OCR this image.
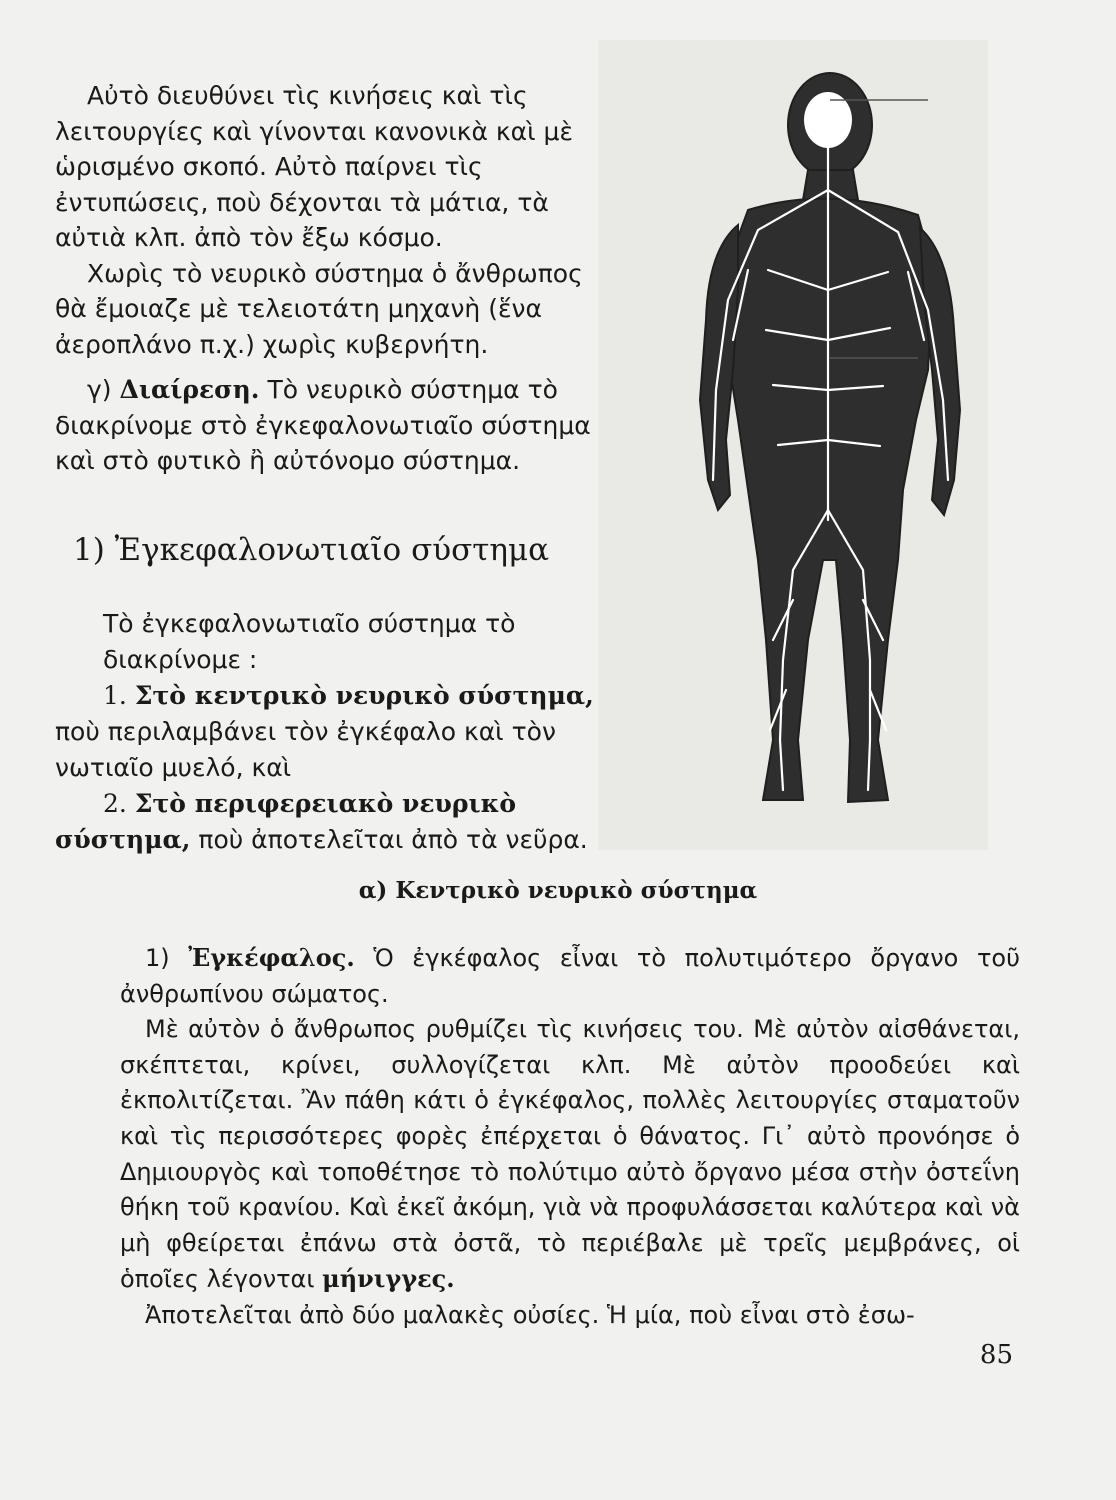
Αὐτὸ διευθύνει τὶς κινήσεις καὶ τὶς λειτουργίες καὶ γίνονται κανονικὰ καὶ μὲ ὡρισμένο σκοπό. Αὐτὸ παίρνει τὶς ἐντυπώσεις, ποὺ δέχονται τὰ μάτια, τὰ αὐτιὰ κλπ. ἀπὸ τὸν ἔξω κόσμο.

Χωρὶς τὸ νευρικὸ σύστημα ὁ ἄνθρωπος θὰ ἔμοιαζε μὲ τελειοτάτη μηχανὴ (ἕνα ἀεροπλάνο π.χ.) χωρὶς κυβερνήτη.

γ) Διαίρεση. Τὸ νευρικὸ σύστημα τὸ διακρίνομε στὸ ἐγκεφαλονωτιαῖο σύστημα καὶ στὸ φυτικὸ ἢ αὐτόνομο σύστημα.

1) Ἐγκεφαλονωτιαῖο σύστημα

Τὸ ἐγκεφαλονωτιαῖο σύστημα τὸ διακρίνομε :

1. Στὸ κεντρικὸ νευρικὸ σύστημα, ποὺ περιλαμβάνει τὸν ἐγκέφαλο καὶ τὸν νωτιαῖο μυελό, καὶ

2. Στὸ περιφερειακὸ νευρικὸ σύστημα, ποὺ ἀποτελεῖται ἀπὸ τὰ νεῦρα.

α) Κεντρικὸ νευρικὸ σύστημα

1) Ἐγκέφαλος. Ὁ ἐγκέφαλος εἶναι τὸ πολυτιμότερο ὄργανο τοῦ ἀνθρωπίνου σώματος.

Μὲ αὐτὸν ὁ ἄνθρωπος ρυθμίζει τὶς κινήσεις του. Μὲ αὐτὸν αἰσθάνεται, σκέπτεται, κρίνει, συλλογίζεται κλπ. Μὲ αὐτὸν προοδεύει καὶ ἐκπολιτίζεται. Ἂν πάθη κάτι ὁ ἐγκέφαλος, πολλὲς λειτουργίες σταματοῦν καὶ τὶς περισσότερες φορὲς ἐπέρχεται ὁ θάνατος. Γι᾿ αὐτὸ προνόησε ὁ Δημιουργὸς καὶ τοποθέτησε τὸ πολύτιμο αὐτὸ ὄργανο μέσα στὴν ὀστεΐνη θήκη τοῦ κρανίου. Καὶ ἐκεῖ ἀκόμη, γιὰ νὰ προφυλάσσεται καλύτερα καὶ νὰ μὴ φθείρεται ἐπάνω στὰ ὀστᾶ, τὸ περιέβαλε μὲ τρεῖς μεμβράνες, οἱ ὁποῖες λέγονται μήνιγγες.

Ἀποτελεῖται ἀπὸ δύο μαλακὲς οὐσίες. Ἡ μία, ποὺ εἶναι στὸ ἐσω-

85
